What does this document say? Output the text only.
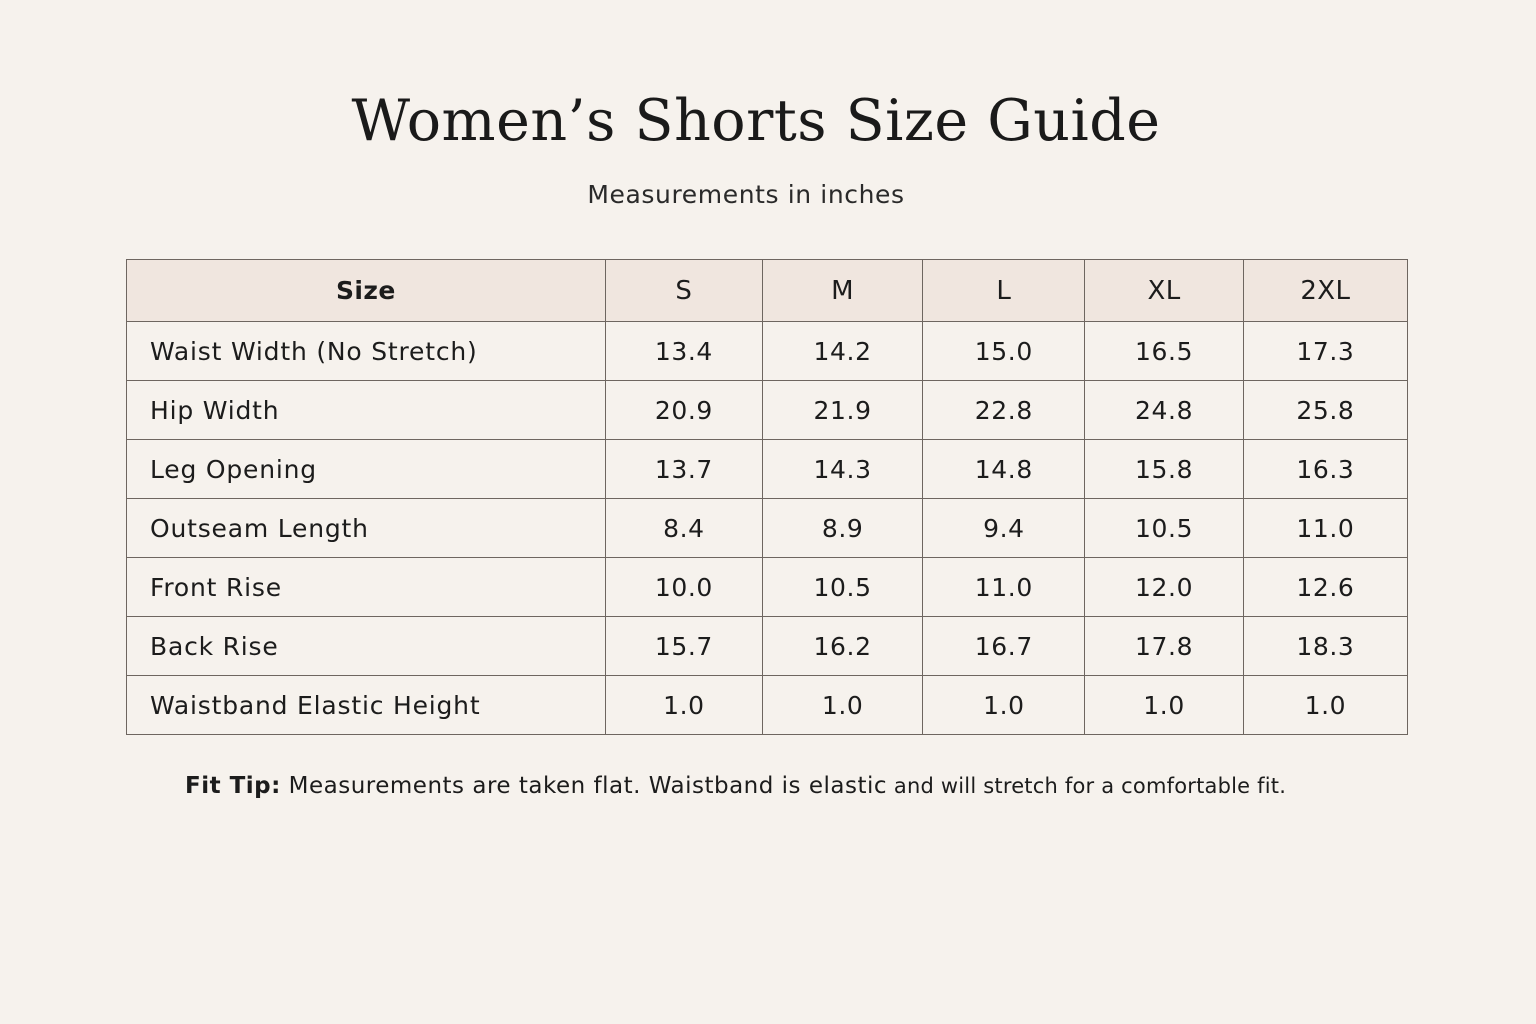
Women’s Shorts Size Guide
Measurements in inches
Size	S	M	L	XL	2XL
Waist Width (No Stretch)	13.4	14.2	15.0	16.5	17.3
Hip Width	20.9	21.9	22.8	24.8	25.8
Leg Opening	13.7	14.3	14.8	15.8	16.3
Outseam Length	8.4	8.9	9.4	10.5	11.0
Front Rise	10.0	10.5	11.0	12.0	12.6
Back Rise	15.7	16.2	16.7	17.8	18.3
Waistband Elastic Height	1.0	1.0	1.0	1.0	1.0
Fit Tip: Measurements are taken flat. Waistband is elastic and will stretch for a comfortable fit.
